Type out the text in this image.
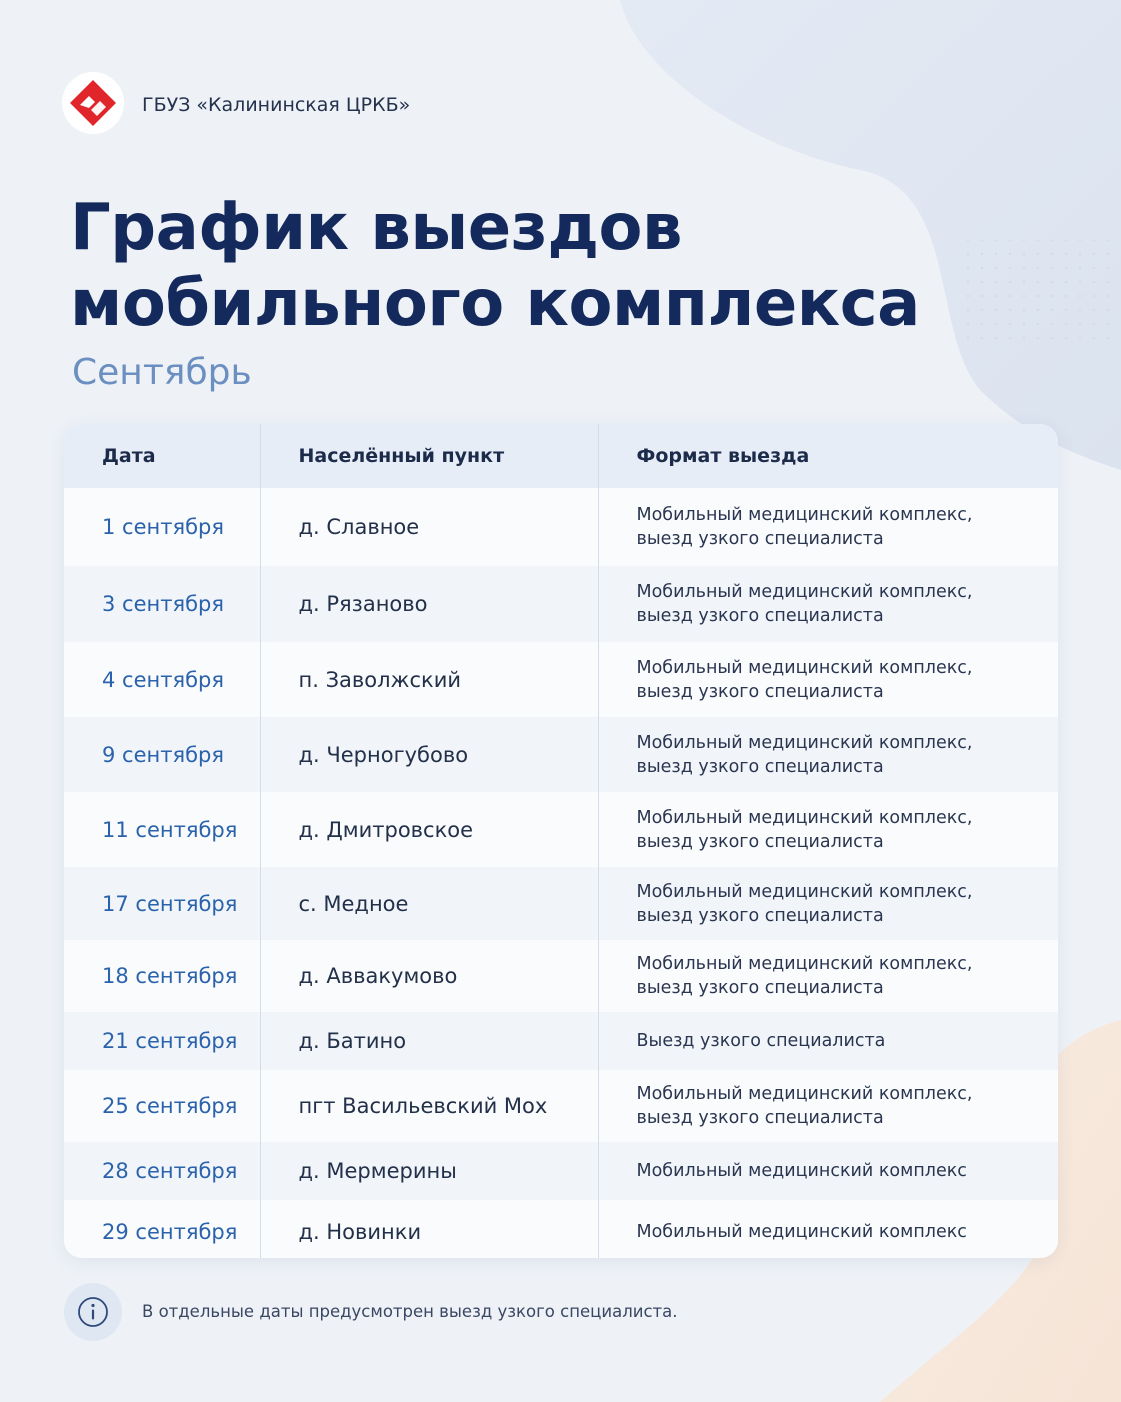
ГБУЗ «Калининская ЦРКБ»
График выездов
мобильного комплекса
Сентябрь
Дата	Населённый пункт	Формат выезда
1 сентября	д. Славное	Мобильный медицинский комплекс,
выезд узкого специалиста
3 сентября	д. Рязаново	Мобильный медицинский комплекс,
выезд узкого специалиста
4 сентября	п. Заволжский	Мобильный медицинский комплекс,
выезд узкого специалиста
9 сентября	д. Черногубово	Мобильный медицинский комплекс,
выезд узкого специалиста
11 сентября	д. Дмитровское	Мобильный медицинский комплекс,
выезд узкого специалиста
17 сентября	с. Медное	Мобильный медицинский комплекс,
выезд узкого специалиста
18 сентября	д. Аввакумово	Мобильный медицинский комплекс,
выезд узкого специалиста
21 сентября	д. Батино	Выезд узкого специалиста
25 сентября	пгт Васильевский Мох	Мобильный медицинский комплекс,
выезд узкого специалиста
28 сентября	д. Мермерины	Мобильный медицинский комплекс
29 сентября	д. Новинки	Мобильный медицинский комплекс
В отдельные даты предусмотрен выезд узкого специалиста.
